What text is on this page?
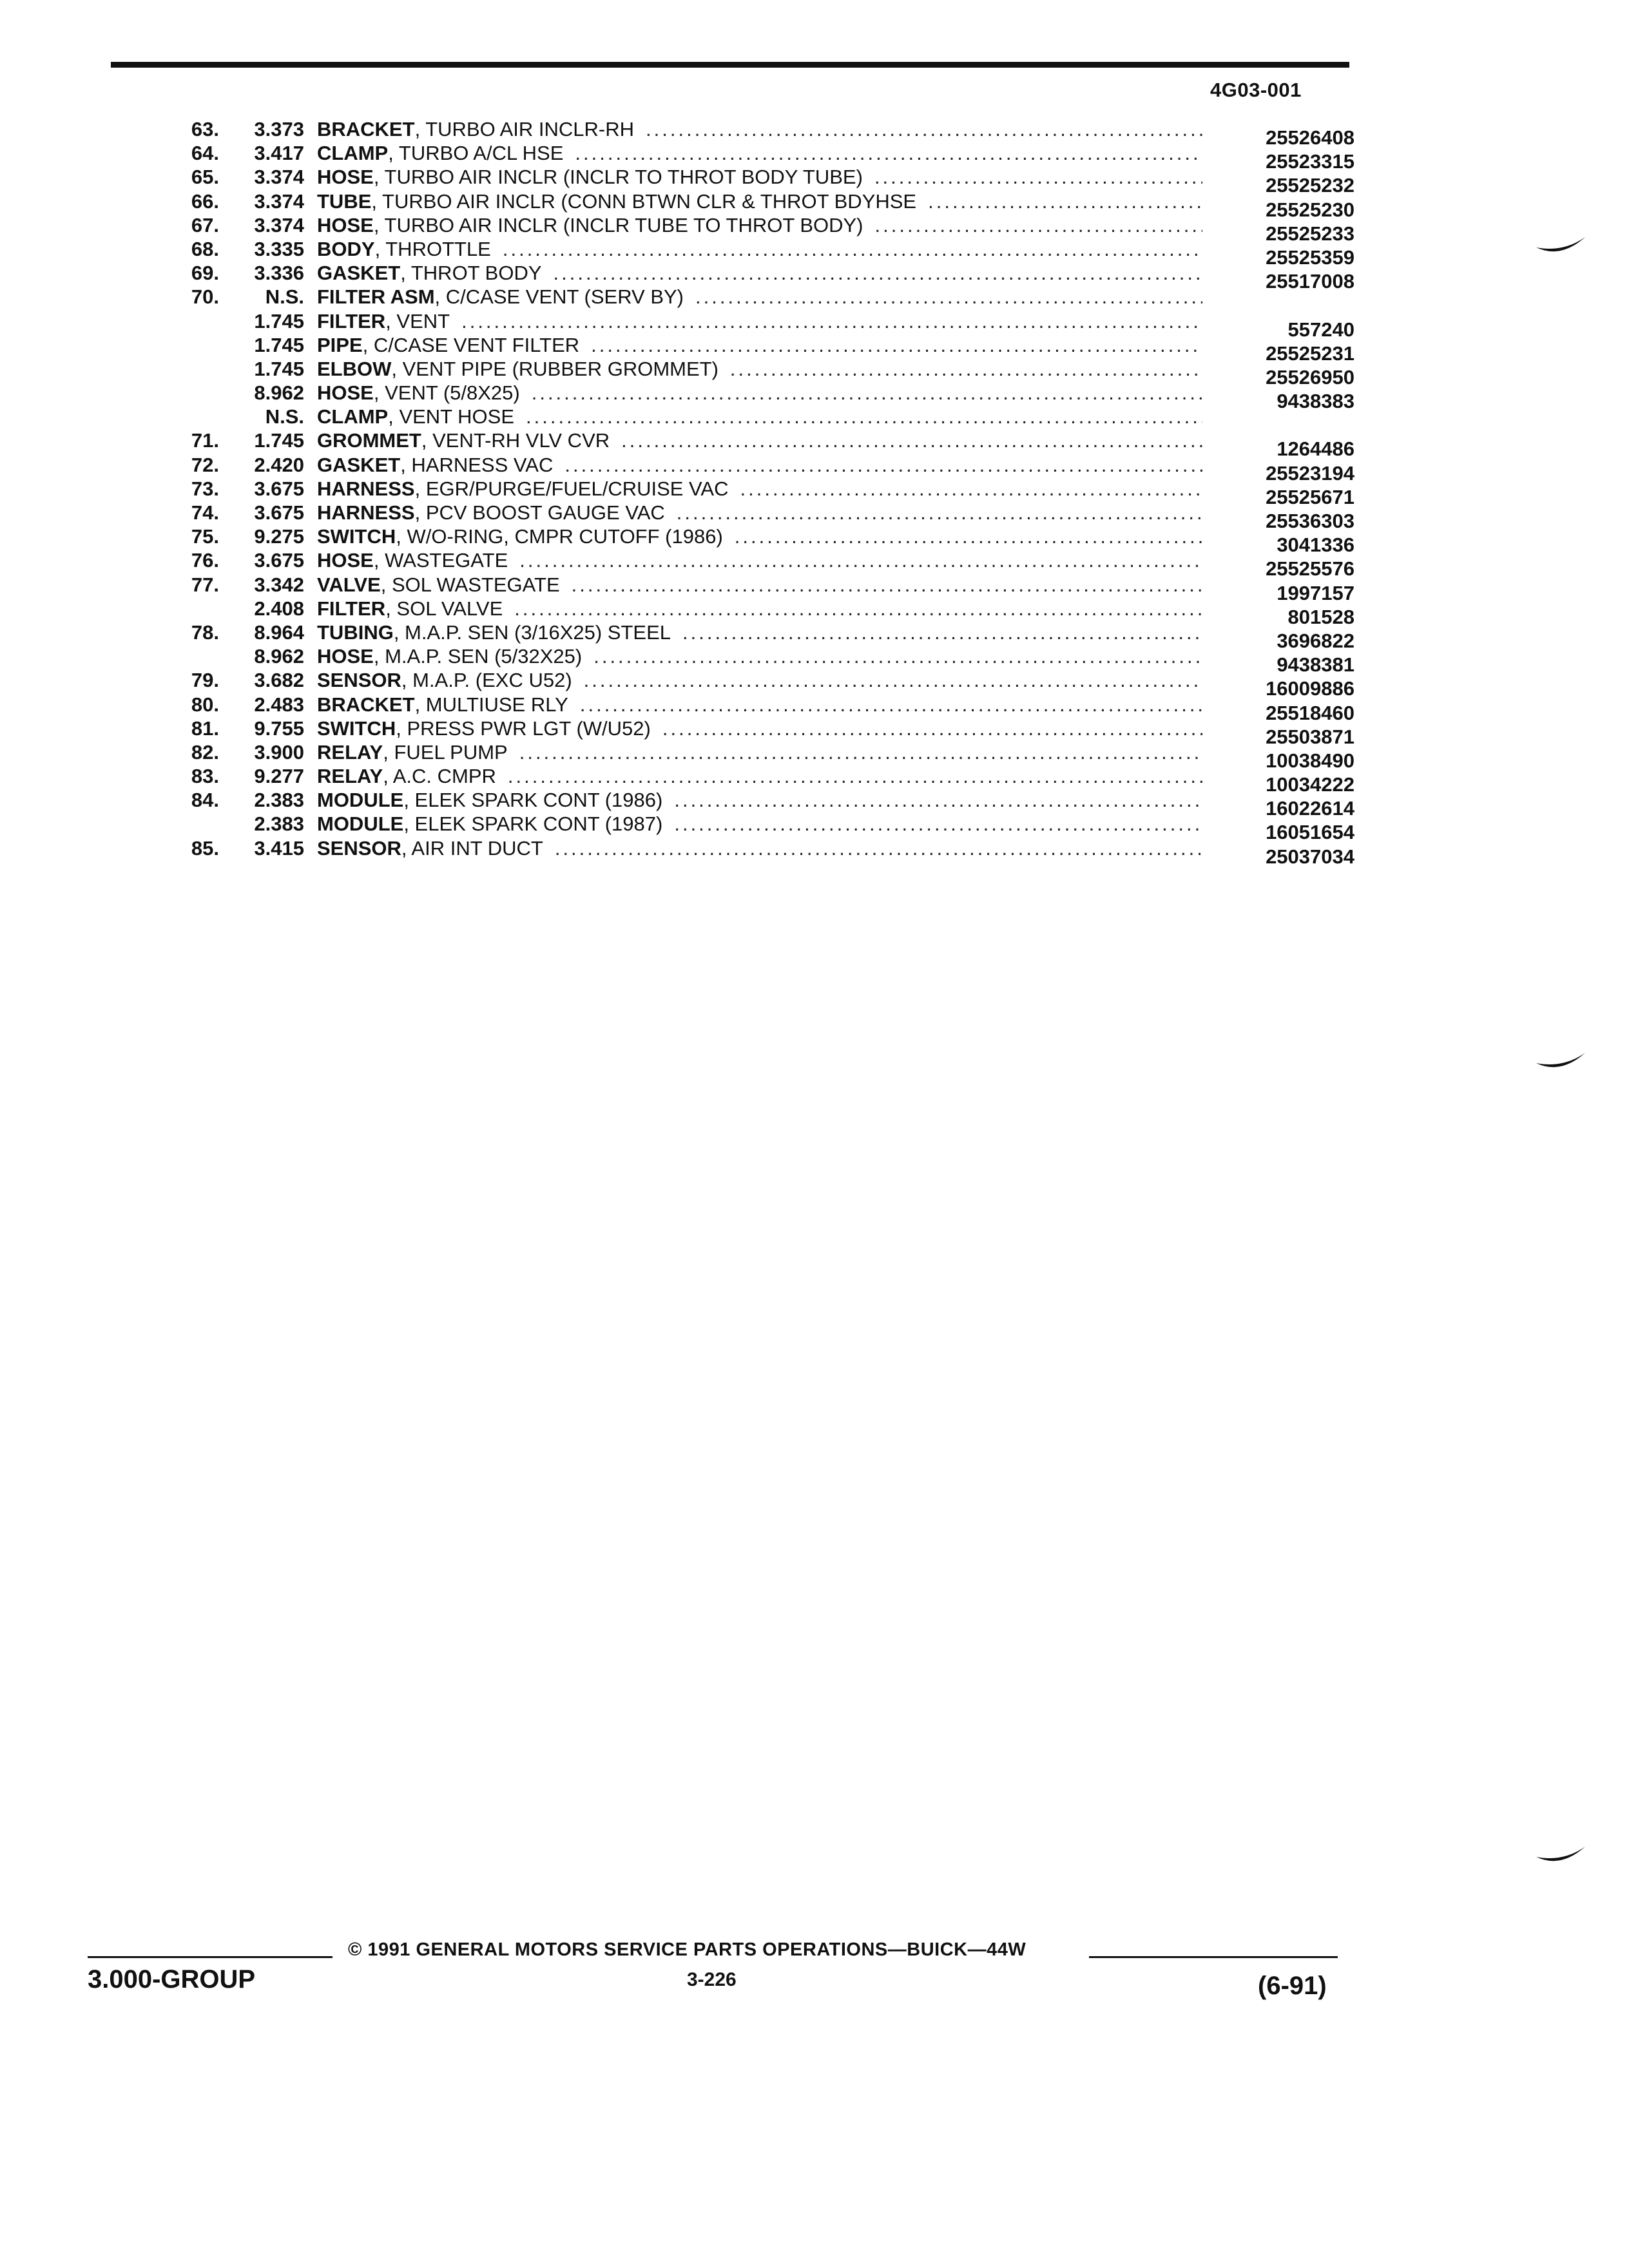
4G03-001
63.	3.373 BRACKET , TURBO AIR INCLR-RH .....	25526408
64.	3.417 CLAMP , TURBO A/CL HSE .....	25523315
65.	3.374 HOSE , TURBO AIR INCLR (INCLR TO THROT BODY TUBE) .....	25525232
66.	3.374 TUBE , TURBO AIR INCLR (CONN BTWN CLR & THROT BDYHSE .....	25525230
67.	3.374 HOSE , TURBO AIR INCLR (INCLR TUBE TO THROT BODY) .....	25525233
68.	3.335 BODY , THROTTLE .....	25525359
69.	3.336 GASKET , THROT BODY .....	25517008
70.	N.S. FILTER ASM , C/CASE VENT (SERV BY)
.....
1.745 FILTER , VENT .....	557240
1.745 PIPE , C/CASE VENT FILTER .....	25525231
1.745 ELBOW , VENT PIPE (RUBBER GROMMET) .....	25526950
8.962 HOSE , VENT (5/8X25) .....	9438383
N.S. CLAMP , VENT HOSE
.....
71.	1.745 GROMMET , VENT-RH VLV CVR .....	1264486
72.	2.420 GASKET , HARNESS VAC .....	25523194
73.	3.675 HARNESS , EGR/PURGE/FUEL/CRUISE VAC .....	25525671
74.	3.675 HARNESS , PCV BOOST GAUGE VAC .....	25536303
75.	9.275 SWITCH , W/O-RING, CMPR CUTOFF (1986) .....	3041336
76.	3.675 HOSE , WASTEGATE .....	25525576
77.	3.342 VALVE , SOL WASTEGATE .....	1997157
2.408 FILTER , SOL VALVE .....	801528
78.	8.964 TUBING , M.A.P. SEN (3/16X25) STEEL .....	3696822
8.962 HOSE , M.A.P. SEN (5/32X25) .....	9438381
79.	3.682 SENSOR , M.A.P. (EXC U52) .....	16009886
80.	2.483 BRACKET , MULTIUSE RLY .....	25518460
81.	9.755 SWITCH , PRESS PWR LGT (W/U52) .....	25503871
82.	3.900 RELAY , FUEL PUMP .....	10038490
83.	9.277 RELAY , A.C. CMPR .....	10034222
84.	2.383 MODULE , ELEK SPARK CONT (1986) .....	16022614
2.383 MODULE , ELEK SPARK CONT (1987) .....	16051654
85.	3.415 SENSOR , AIR INT DUCT .....	25037034
© 1991 GENERAL MOTORS SERVICE PARTS OPERATIONS—BUICK—44W
3.000-GROUP	3-226	(6-91)
